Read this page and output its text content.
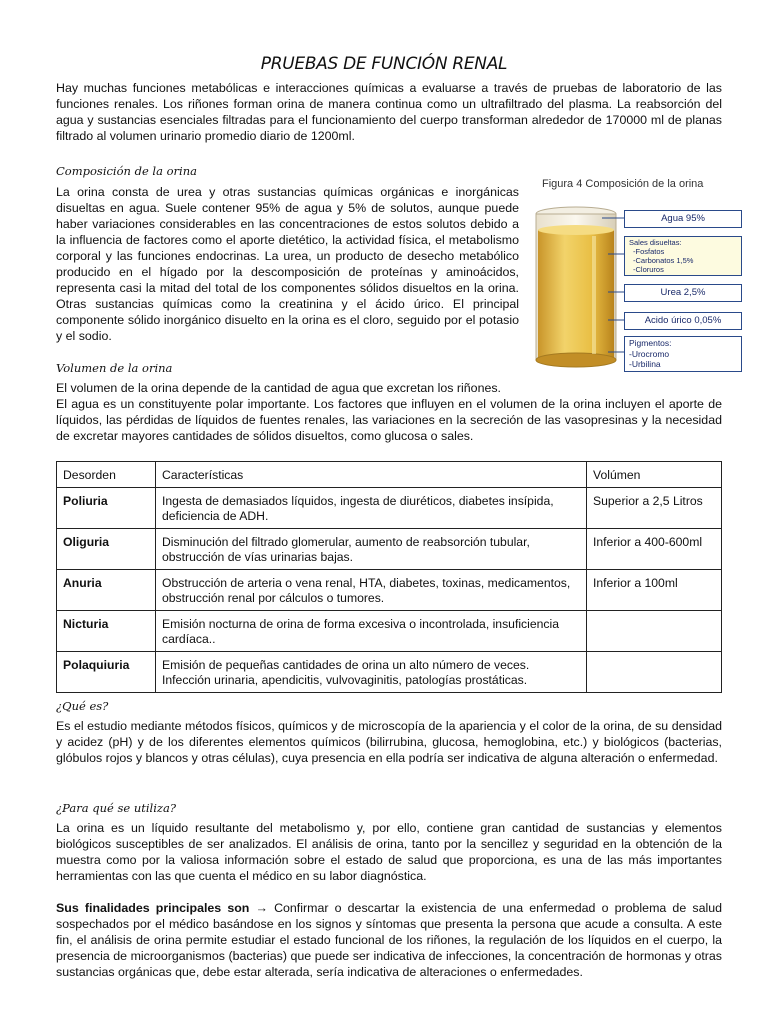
PRUEBAS DE FUNCIÓN RENAL

Hay muchas funciones metabólicas e interacciones químicas a evaluarse a través de pruebas de laboratorio de las funciones renales. Los riñones forman orina de manera continua como un ultrafiltrado del plasma. La reabsorción del agua y sustancias esenciales filtradas para el funcionamiento del cuerpo transforman alrededor de 170000 ml de planas filtrado al volumen urinario promedio diario de 1200ml.

Composición de la orina

La orina consta de urea y otras sustancias químicas orgánicas e inorgánicas disueltas en agua. Suele contener 95% de agua y 5% de solutos, aunque puede haber variaciones considerables en las concentraciones de estos solutos debido a la influencia de factores como el aporte dietético, la actividad física, el metabolismo corporal y las funciones endocrinas. La urea, un producto de desecho metabólico producido en el hígado por la descomposición de proteínas y aminoácidos, representa casi la mitad del total de los componentes sólidos disueltos en la orina. Otras sustancias químicas como la creatinina y el ácido úrico. El principal componente sólido inorgánico disuelto en la orina es el cloro, seguido por el potasio y el sodio.

Figura 4 Composición de la orina
Agua 95%
Sales disueltas:
-Fosfatos
-Carbonatos 1,5%
-Cloruros
Urea 2,5%
Acido úrico 0,05%
Pigmentos:
-Urocromo
-Urbilina
Volumen de la orina

El volumen de la orina depende de la cantidad de agua que excretan los riñones.

El agua es un constituyente polar importante. Los factores que influyen en el volumen de la orina incluyen el aporte de líquidos, las pérdidas de líquidos de fuentes renales, las variaciones en la secreción de las vasopresinas y la necesidad de excretar mayores cantidades de sólidos disueltos, como glucosa o sales.

Desorden	Características	Volúmen
Poliuria	Ingesta de demasiados líquidos, ingesta de diuréticos, diabetes insípida, deficiencia de ADH.	Superior a 2,5 Litros
Oliguria	Disminución del filtrado glomerular, aumento de reabsorción tubular, obstrucción de vías urinarias bajas.	Inferior a 400-600ml
Anuria	Obstrucción de arteria o vena renal, HTA, diabetes, toxinas, medicamentos, obstrucción renal por cálculos o tumores.	Inferior a 100ml
Nicturia	Emisión nocturna de orina de forma excesiva o incontrolada, insuficiencia cardíaca..	
Polaquiuria	Emisión de pequeñas cantidades de orina un alto número de veces. Infección urinaria, apendicitis, vulvovaginitis, patologías prostáticas.	
¿Qué es?

Es el estudio mediante métodos físicos, químicos y de microscopía de la apariencia y el color de la orina, de su densidad y acidez (pH) y de los diferentes elementos químicos (bilirrubina, glucosa, hemoglobina, etc.) y biológicos (bacterias, glóbulos rojos y blancos y otras células), cuya presencia en ella podría ser indicativa de alguna alteración o enfermedad.

¿Para qué se utiliza?

La orina es un líquido resultante del metabolismo y, por ello, contiene gran cantidad de sustancias y elementos biológicos susceptibles de ser analizados. El análisis de orina, tanto por la sencillez y seguridad en la obtención de la muestra como por la valiosa información sobre el estado de salud que proporciona, es una de las más importantes herramientas con las que cuenta el médico en su labor diagnóstica.

Sus finalidades principales son → Confirmar o descartar la existencia de una enfermedad o problema de salud sospechados por el médico basándose en los signos y síntomas que presenta la persona que acude a consulta. A este fin, el análisis de orina permite estudiar el estado funcional de los riñones, la regulación de los líquidos en el cuerpo, la presencia de microorganismos (bacterias) que puede ser indicativa de infecciones, la concentración de hormonas y otras sustancias orgánicas que, debe estar alterada, sería indicativa de alteraciones o enfermedades.
